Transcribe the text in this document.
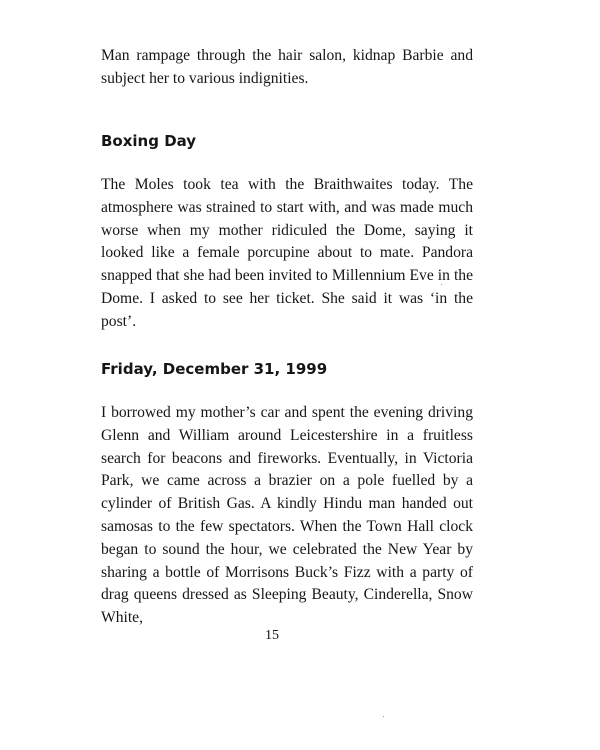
Man rampage through the hair salon, kidnap Barbie and subject her to various indignities.

Boxing Day

The Moles took tea with the Braithwaites today. The atmosphere was strained to start with, and was made much worse when my mother ridiculed the Dome, saying it looked like a female porcupine about to mate. Pandora snapped that she had been invited to Millennium Eve in the Dome. I asked to see her ticket. She said it was ‘in the post’.

Friday, December 31, 1999

I borrowed my mother’s car and spent the evening driving Glenn and William around Leicestershire in a fruitless search for beacons and fireworks. Eventually, in Victoria Park, we came across a brazier on a pole fuelled by a cylinder of British Gas. A kindly Hindu man handed out samosas to the few spectators. When the Town Hall clock began to sound the hour, we celebrated the New Year by sharing a bottle of Morrisons Buck’s Fizz with a party of drag queens dressed as Sleeping Beauty, Cinderella, Snow White,

15
